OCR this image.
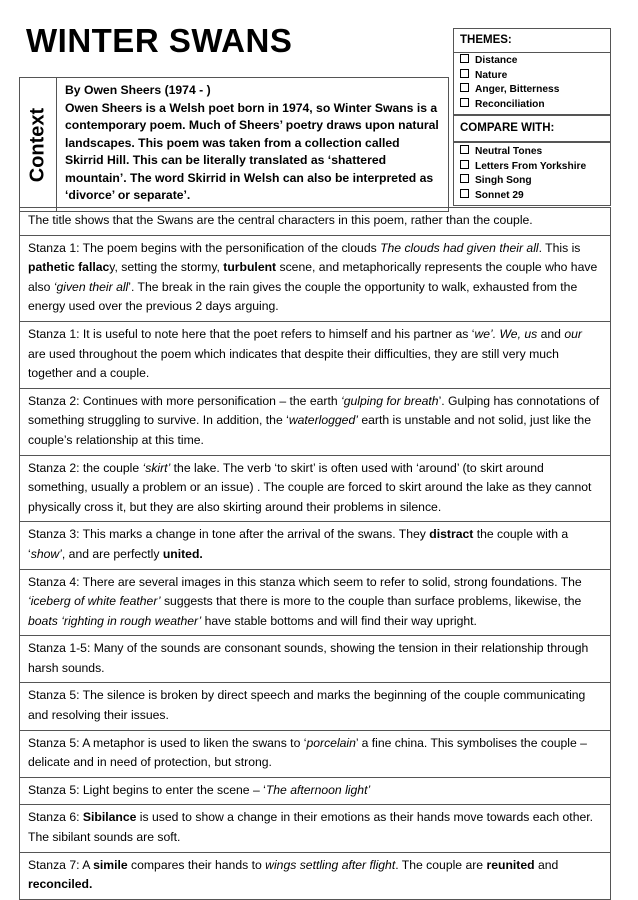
WINTER SWANS
Context

By Owen Sheers (1974 - )

Owen Sheers is a Welsh poet born in 1974, so Winter Swans is a contemporary poem. Much of Sheers’ poetry draws upon natural landscapes. This poem was taken from a collection called Skirrid Hill. This can be literally translated as ‘shattered mountain’. The word Skirrid in Welsh can also be interpreted as ‘divorce’ or separate’.

THEMES:
Distance
Nature
Anger, Bitterness
Reconciliation
COMPARE WITH:
Neutral Tones
Letters From Yorkshire
Singh Song
Sonnet 29
The title shows that the Swans are the central characters in this poem, rather than the couple.
Stanza 1: The poem begins with the personification of the clouds The clouds had given their all. This is pathetic fallacy, setting the stormy, turbulent scene, and metaphorically represents the couple who have also ‘given their all’. The break in the rain gives the couple the opportunity to walk, exhausted from the energy used over the previous 2 days arguing.
Stanza 1: It is useful to note here that the poet refers to himself and his partner as ‘we’. We, us and our are used throughout the poem which indicates that despite their difficulties, they are still very much together and a couple.
Stanza 2: Continues with more personification – the earth ‘gulping for breath’. Gulping has connotations of something struggling to survive. In addition, the ‘waterlogged’ earth is unstable and not solid, just like the couple’s relationship at this time.
Stanza 2: the couple ‘skirt’ the lake. The verb ‘to skirt’ is often used with ‘around’ (to skirt around something, usually a problem or an issue) . The couple are forced to skirt around the lake as they cannot physically cross it, but they are also skirting around their problems in silence.
Stanza 3: This marks a change in tone after the arrival of the swans. They distract the couple with a ‘show’, and are perfectly united.
Stanza 4: There are several images in this stanza which seem to refer to solid, strong foundations. The ‘iceberg of white feather’ suggests that there is more to the couple than surface problems, likewise, the boats ‘righting in rough weather’ have stable bottoms and will find their way upright.
Stanza 1-5: Many of the sounds are consonant sounds, showing the tension in their relationship through harsh sounds.
Stanza 5: The silence is broken by direct speech and marks the beginning of the couple communicating and resolving their issues.
Stanza 5: A metaphor is used to liken the swans to ‘porcelain’ a fine china. This symbolises the couple – delicate and in need of protection, but strong.
Stanza 5: Light begins to enter the scene – ‘The afternoon light’
Stanza 6: Sibilance is used to show a change in their emotions as their hands move towards each other. The sibilant sounds are soft.
Stanza 7: A simile compares their hands to wings settling after flight. The couple are reunited and reconciled.
